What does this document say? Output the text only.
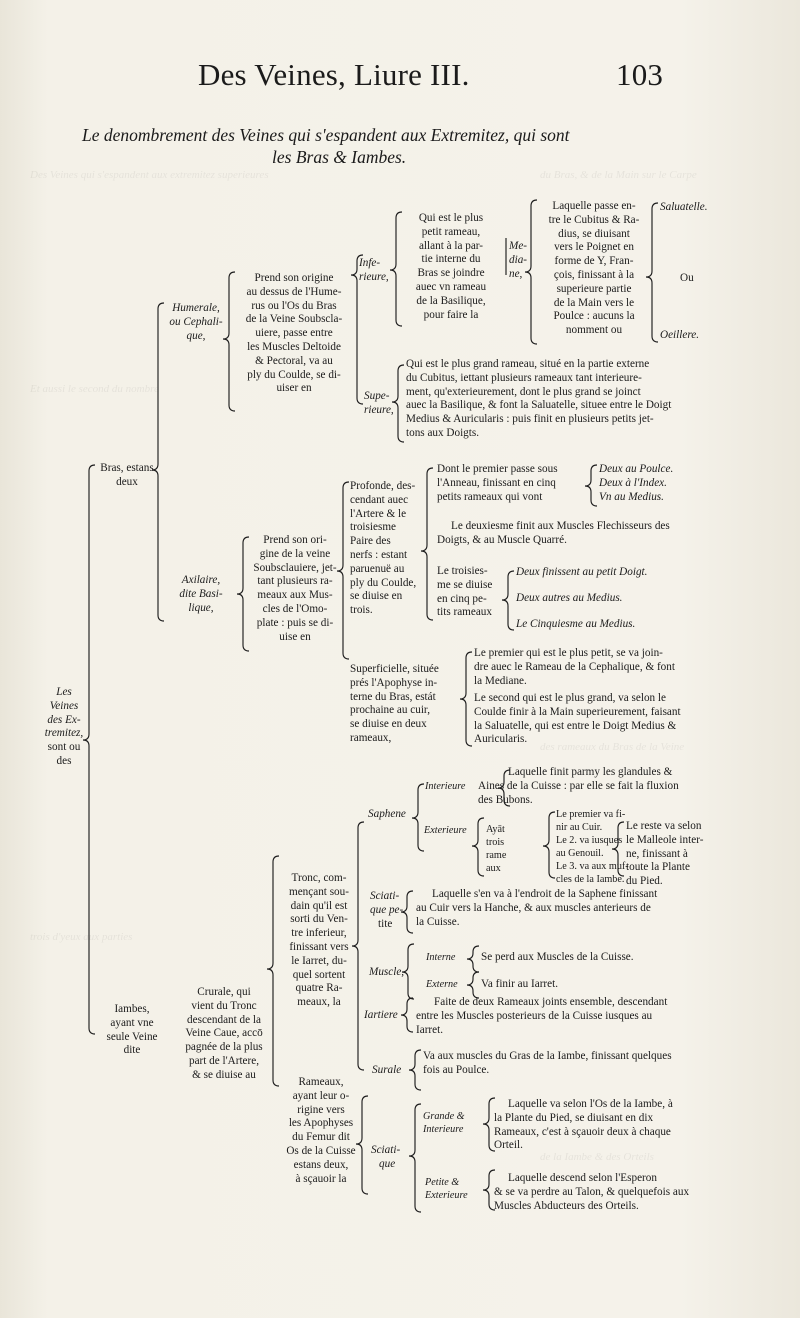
Des Veines qui s'espandent aux extremitez superieures	du Bras, & de la Main sur le Carpe
Et aussi le second du nombre
des rameaux du Bras de la Veine
trois d'yeux aux parties
de la Iambe & des Orteils
Des Veines, Liure III.	103
Le denombrement des Veines qui s'espandent aux Extremitez, qui sont
les Bras & Iambes.
Les
Veines
des Ex-
tremitez,
sont ou
des
Bras, estans
deux
Humerale,
ou Cephali-
que,
Prend son origine
au dessus de l'Hume-
rus ou l'Os du Bras
de la Veine Soubscla-
uiere, passe entre
les Muscles Deltoide
& Pectoral, va au
ply du Coulde, se di-
uiser en
Infe-
rieure,
Qui est le plus
petit rameau,
allant à la par-
tie interne du
Bras se joindre
auec vn rameau
de la Basilique,
pour faire la
Me-
dia-
ne,
Laquelle passe en-
tre le Cubitus & Ra-
dius, se diuisant
vers le Poignet en
forme de Y, Fran-
çois, finissant à la
superieure partie
de la Main vers le
Poulce : aucuns la
nomment ou
Saluatelle.
Ou
Oeillere.
Supe-
rieure,
Qui est le plus grand rameau, situé en la partie externe
du Cubitus, iettant plusieurs rameaux tant interieure-
ment, qu'exterieurement, dont le plus grand se joinct
auec la Basilique, & font la Saluatelle, situee entre le Doigt
Medius & Auricularis : puis finit en plusieurs petits jet-
tons aux Doigts.
Axilaire,
dite Basi-
lique,
Prend son ori-
gine de la veine
Soubsclauiere, jet-
tant plusieurs ra-
meaux aux Mus-
cles de l'Omo-
plate : puis se di-
uise en
Profonde, des-
cendant auec
l'Artere & le
troisiesme
Paire des
nerfs : estant
paruenuë au
ply du Coulde,
se diuise en
trois.
Dont le premier passe sous
l'Anneau, finissant en cinq
petits rameaux qui vont
Deux au Poulce.
Deux à l'Index.
Vn au Medius.
Le deuxiesme finit aux Muscles Flechisseurs des
Doigts, & au Muscle Quarré.
Le troisies-
me se diuise
en cinq pe-
tits rameaux
Deux finissent au petit Doigt.
Deux autres au Medius.
Le Cinquiesme au Medius.
Superficielle, située
prés l'Apophyse in-
terne du Bras, estát
prochaine au cuir,
se diuise en deux
rameaux,
Le premier qui est le plus petit, se va join-
dre auec le Rameau de la Cephalique, & font
la Mediane.
Le second qui est le plus grand, va selon le
Coulde finir à la Main superieurement, faisant
la Saluatelle, qui est entre le Doigt Medius &
Auricularis.
Iambes,
ayant vne
seule Veine
dite
Crurale, qui
vient du Tronc
descendant de la
Veine Caue, accō
pagnée de la plus
part de l'Artere,
& se diuise au
Tronc, com-
mençant sou-
dain qu'il est
sorti du Ven-
tre inferieur,
finissant vers
le Iarret, du-
quel sortent
quatre Ra-
meaux, la
Saphene
Interieure
Laquelle finit parmy les glandules &
Aines de la Cuisse : par elle se fait la fluxion
des Bubons.
Exterieure Ayāt
trois
rame
aux
Le premier va fi-
nir au Cuir.
Le 2. va iusques
au Genouil.
Le 3. va aux muf-
cles de la Iambe.
Le reste va selon
le Malleole inter-
ne, finissant à
toute la Plante
du Pied.
Sciati-
que pe-
tite
Laquelle s'en va à l'endroit de la Saphene finissant
au Cuir vers la Hanche, & aux muscles anterieurs de
la Cuisse.
Muscle,
Interne Se perd aux Muscles de la Cuisse.
Externe Va finir au Iarret.
Iartiere
Faite de deux Rameaux joints ensemble, descendant
entre les Muscles posterieurs de la Cuisse iusques au
Iarret.
Rameaux,
ayant leur o-
rigine vers
les Apophyses
du Femur dit
Os de la Cuisse
estans deux,
à sçauoir la
Surale
Va aux muscles du Gras de la Iambe, finissant quelques
fois au Poulce.
Sciati-
que
Grande &
Interieure
Laquelle va selon l'Os de la Iambe, à
la Plante du Pied, se diuisant en dix
Rameaux, c'est à sçauoir deux à chaque
Orteil.
Petite &
Exterieure
Laquelle descend selon l'Esperon
& se va perdre au Talon, & quelquefois aux
Muscles Abducteurs des Orteils.
